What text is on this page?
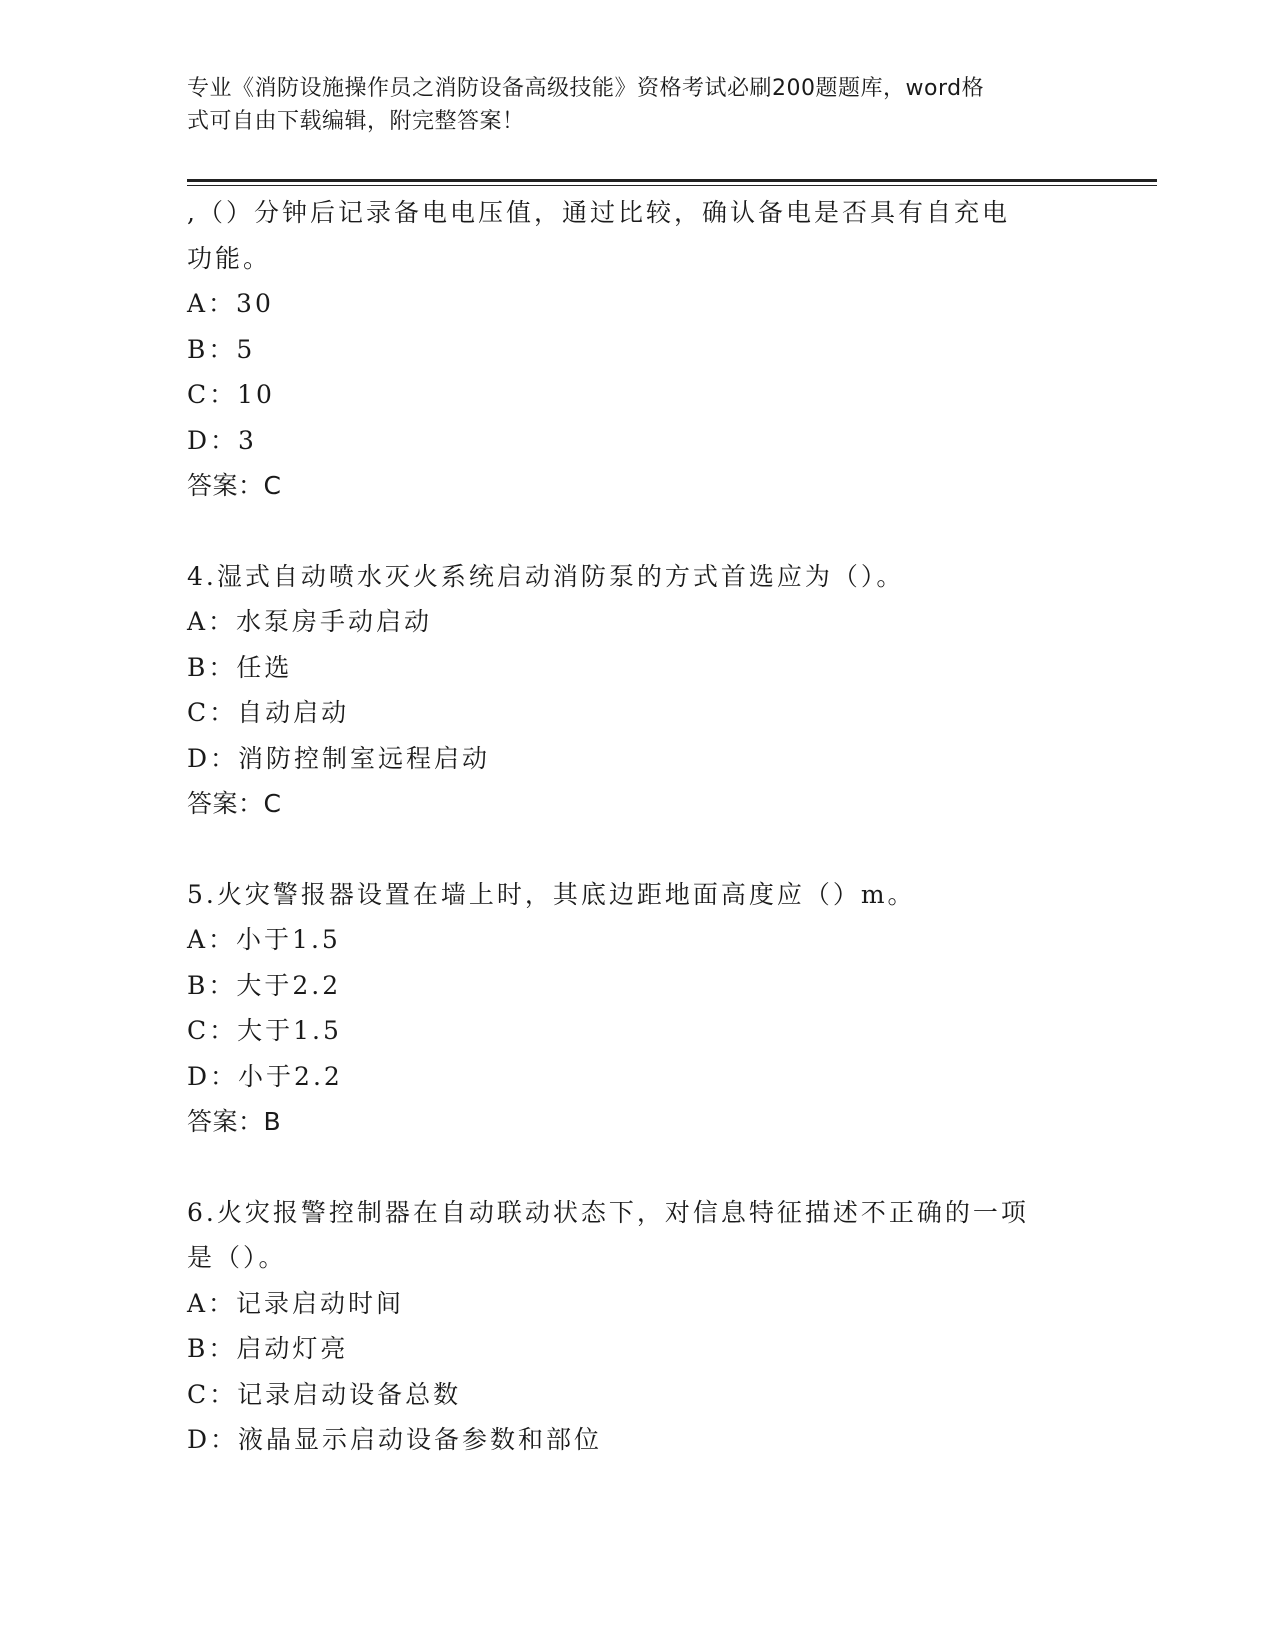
专业《消防设施操作员之消防设备高级技能》资格考试必刷200题题库，word格
式可自由下载编辑，附完整答案！
,（）分钟后记录备电电压值，通过比较，确认备电是否具有自充电
功能。
A：30
B：5
C：10
D：3
答案：C
4.湿式自动喷水灭火系统启动消防泵的方式首选应为（）。
A：水泵房手动启动
B：任选
C：自动启动
D：消防控制室远程启动
答案：C
5.火灾警报器设置在墙上时，其底边距地面高度应（）m。
A：小于1.5
B：大于2.2
C：大于1.5
D：小于2.2
答案：B
6.火灾报警控制器在自动联动状态下，对信息特征描述不正确的一项
是（）。
A：记录启动时间
B：启动灯亮
C：记录启动设备总数
D：液晶显示启动设备参数和部位
